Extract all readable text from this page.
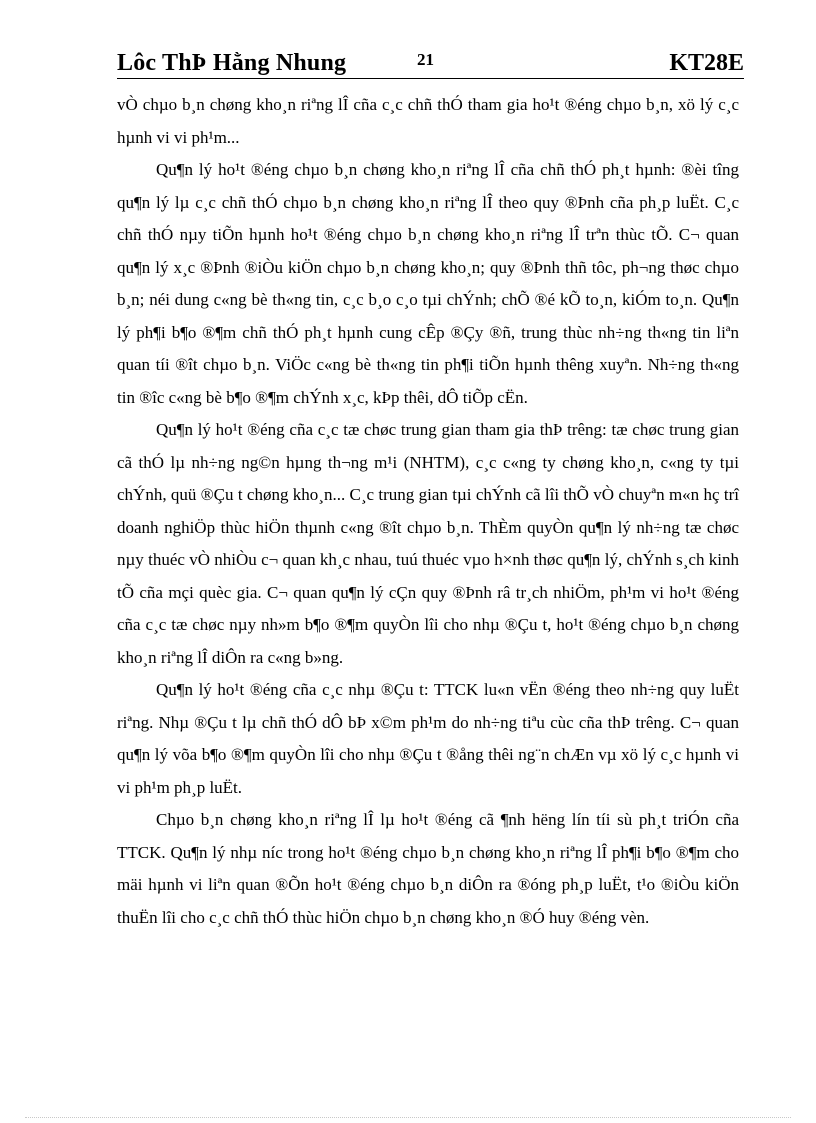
Lôc ThÞ Hằng Nhung	21	KT28E

vÒ chµo b¸n chøng kho¸n riªng lÎ cña c¸c chñ thÓ tham gia ho¹t ®éng chµo b¸n, xö lý c¸c hµnh vi vi ph¹m...

Qu¶n lý ho¹t ®éng chµo b¸n chøng kho¸n riªng lÎ cña chñ thÓ ph¸t hµnh: ®èi tîng qu¶n lý lµ c¸c chñ thÓ chµo b¸n chøng kho¸n riªng lÎ theo quy ®Þnh cña ph¸p luËt. C¸c chñ thÓ nµy tiÕn hµnh ho¹t ®éng chµo b¸n chøng kho¸n riªng lÎ trªn thùc tÕ. C¬ quan qu¶n lý x¸c ®Þnh ®iÒu kiÖn chµo b¸n chøng kho¸n; quy ®Þnh thñ tôc, ph¬ng thøc chµo b¸n; néi dung c«ng bè th«ng tin, c¸c b¸o c¸o tµi chÝnh; chÕ ®é kÕ to¸n, kiÓm to¸n. Qu¶n lý ph¶i b¶o ®¶m chñ thÓ ph¸t hµnh cung cÊp ®Çy ®ñ, trung thùc nh÷ng th«ng tin liªn quan tíi ®ît chµo b¸n. ViÖc c«ng bè th«ng tin ph¶i tiÕn hµnh thêng xuyªn. Nh÷ng th«ng tin ®îc c«ng bè b¶o ®¶m chÝnh x¸c, kÞp thêi, dÔ tiÕp cËn.

Qu¶n lý ho¹t ®éng cña c¸c tæ chøc trung gian tham gia thÞ trêng: tæ chøc trung gian cã thÓ lµ nh÷ng ng©n hµng th¬ng m¹i (NHTM), c¸c c«ng ty chøng kho¸n, c«ng ty tµi chÝnh, quü ®Çu t chøng kho¸n... C¸c trung gian tµi chÝnh cã lîi thÕ vÒ chuyªn m«n hç trî doanh nghiÖp thùc hiÖn thµnh c«ng ®ît chµo b¸n. ThÈm quyÒn qu¶n lý nh÷ng tæ chøc nµy thuéc vÒ nhiÒu c¬ quan kh¸c nhau, tuú thuéc vµo h×nh thøc qu¶n lý, chÝnh s¸ch kinh tÕ cña mçi quèc gia. C¬ quan qu¶n lý cÇn quy ®Þnh râ tr¸ch nhiÖm, ph¹m vi ho¹t ®éng cña c¸c tæ chøc nµy nh»m b¶o ®¶m quyÒn lîi cho nhµ ®Çu t, ho¹t ®éng chµo b¸n chøng kho¸n riªng lÎ diÔn ra c«ng b»ng.

Qu¶n lý ho¹t ®éng cña c¸c nhµ ®Çu t: TTCK lu«n vËn ®éng theo nh÷ng quy luËt riªng. Nhµ ®Çu t lµ chñ thÓ dÔ bÞ x©m ph¹m do nh÷ng tiªu cùc cña thÞ trêng. C¬ quan qu¶n lý võa b¶o ®¶m quyÒn lîi cho nhµ ®Çu t ®ång thêi ng¨n chÆn vµ xö lý c¸c hµnh vi vi ph¹m ph¸p luËt.

Chµo b¸n chøng kho¸n riªng lÎ lµ ho¹t ®éng cã ¶nh hëng lín tíi sù ph¸t triÓn cña TTCK. Qu¶n lý nhµ níc trong ho¹t ®éng chµo b¸n chøng kho¸n riªng lÎ ph¶i b¶o ®¶m cho mäi hµnh vi liªn quan ®Õn ho¹t ®éng chµo b¸n diÔn ra ®óng ph¸p luËt, t¹o ®iÒu kiÖn thuËn lîi cho c¸c chñ thÓ thùc hiÖn chµo b¸n chøng kho¸n ®Ó huy ®éng vèn.
